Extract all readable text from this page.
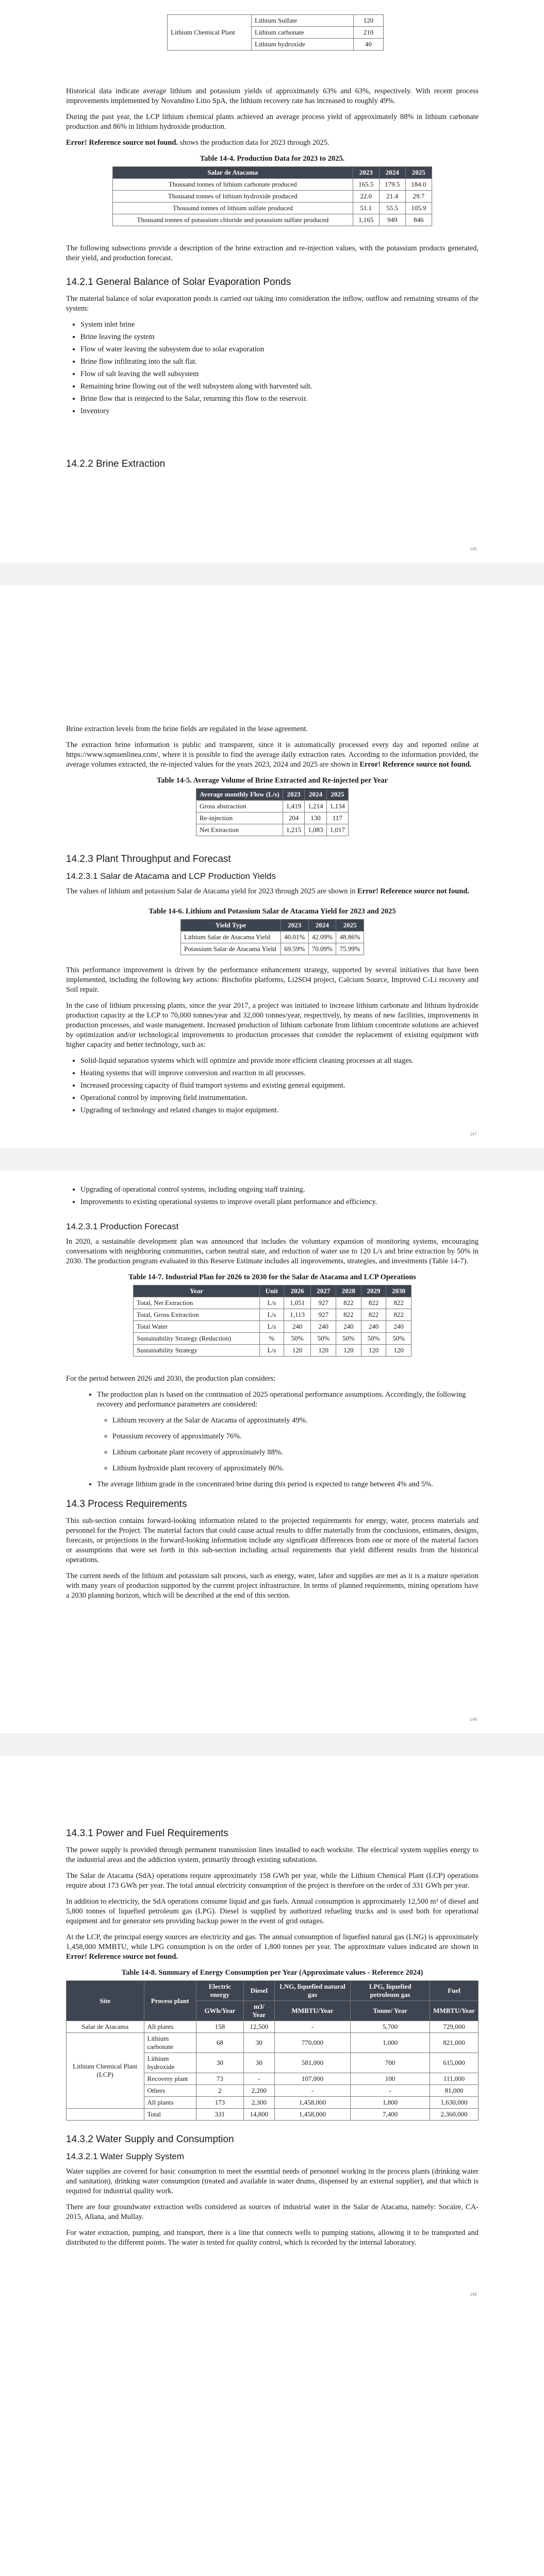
Lithium Chemical Plant	Lithium Sulfate	120
	Lithium carbonate	210
	Lithium hydroxide	40

Historical data indicate average lithium and potassium yields of approximately 63% and 63%, respectively. With recent process improvements implemented by Novandino Litio SpA, the lithium recovery rate has increased to roughly 49%.

During the past year, the LCP lithium chemical plants achieved an average process yield of approximately 88% in lithium carbonate production and 86% in lithium hydroxide production.

Error! Reference source not found. shows the production data for 2023 through 2025.

Table 14-4. Production Data for 2023 to 2025.
Salar de Atacama	2023	2024	2025
Thousand tonnes of lithium carbonate produced	165.5	179.5	184.0
Thousand tonnes of lithium hydroxide produced	22.0	21.4	29.7
Thousand tonnes of lithium sulfate produced	51.1	55.5	105.9
Thousand tonnes of potassium chloride and potassium sulfate produced	1,165	949	846

The following subsections provide a description of the brine extraction and re-injection values, with the potassium products generated, their yield, and production forecast.

14.2.1 General Balance of Solar Evaporation Ponds

The material balance of solar evaporation ponds is carried out taking into consideration the inflow, outflow and remaining streams of the system:

• System inlet brine
• Brine leaving the system
• Flow of water leaving the subsystem due to solar evaporation
• Brine flow infiltrating into the salt flat.
• Flow of salt leaving the well subsystem
• Remaining brine flowing out of the well subsystem along with harvested salt.
• Brine flow that is reinjected to the Salar, returning this flow to the reservoir.
• Inventory
14.2.2 Brine Extraction
146

Brine extraction levels from the brine fields are regulated in the lease agreement.

The extraction brine information is public and transparent, since it is automatically processed every day and reported online at https://www.sqmsenlinea.com/, where it is possible to find the average daily extraction rates. According to the information provided, the average volumes extracted, the re-injected values for the years 2023, 2024 and 2025 are shown in Error! Reference source not found.

Table 14-5. Average Volume of Brine Extracted and Re-injected per Year
Average monthly Flow (L/s)	2023	2024	2025
Gross abstraction	1,419	1,214	1,134
Re-injection	204	130	117
Net Extraction	1,215	1,083	1,017
14.2.3 Plant Throughput and Forecast
14.2.3.1 Salar de Atacama and LCP Production Yields

The values of lithium and potassium Salar de Atacama yield for 2023 through 2025 are shown in Error! Reference source not found.

Table 14-6. Lithium and Potassium Salar de Atacama Yield for 2023 and 2025
Yield Type	2023	2024	2025
Lithium Salar de Atacama Yield	40.01%	42.09%	48.86%
Potassium Salar de Atacama Yield	69.59%	70.09%	75.99%

This performance improvement is driven by the performance enhancement strategy, supported by several initiatives that have been implemented, including the following key actions: Bischofite platforms, Li2SO4 project, Calcium Source, Improved C-Li recovery and Soil repair.

In the case of lithium processing plants, since the year 2017, a project was initiated to increase lithium carbonate and lithium hydroxide production capacity at the LCP to 70,000 tonnes/year and 32,000 tonnes/year, respectively, by means of new facilities, improvements in production processes, and waste management. Increased production of lithium carbonate from lithium concentrate solutions are achieved by optimization and/or technological improvements to production processes that consider the replacement of existing equipment with higher capacity and better technology, such as:

• Solid-liquid separation systems which will optimize and provide more efficient cleaning processes at all stages.
• Heating systems that will improve conversion and reaction in all processes.
• Increased processing capacity of fluid transport systems and existing general equipment.
• Operational control by improving field instrumentation.
• Upgrading of technology and related changes to major equipment.
147
• Upgrading of operational control systems, including ongoing staff training.
• Improvements to existing operational systems to improve overall plant performance and efficiency.
14.2.3.1 Production Forecast

In 2020, a sustainable development plan was announced that includes the voluntary expansion of monitoring systems, encouraging conversations with neighboring communities, carbon neutral state, and reduction of water use to 120 L/s and brine extraction by 50% in 2030. The production program evaluated in this Reserve Estimate includes all improvements, strategies, and investments (Table 14-7).

Table 14-7. Industrial Plan for 2026 to 2030 for the Salar de Atacama and LCP Operations
Year	Unit	2026	2027	2028	2029	2030
Total, Net Extraction	L/s	1,051	927	822	822	822
Total, Gross Extraction	L/s	1,113	927	822	822	822
Total Water	L/s	240	240	240	240	240
Sustainability Strategy (Reduction)	%	50%	50%	50%	50%	50%
Sustainability Strategy	L/s	120	120	120	120	120

For the period between 2026 and 2030, the production plan considers:

• The production plan is based on the continuation of 2025 operational performance assumptions. Accordingly, the following recovery and performance parameters are considered:
◦ Lithium recovery at the Salar de Atacama of approximately 49%.
◦ Potassium recovery of approximately 76%.
◦ Lithium carbonate plant recovery of approximately 88%.
◦ Lithium hydroxide plant recovery of approximately 86%.
• The average lithium grade in the concentrated brine during this period is expected to range between 4% and 5%.
14.3 Process Requirements

This sub-section contains forward-looking information related to the projected requirements for energy, water, process materials and personnel for the Project. The material factors that could cause actual results to differ materially from the conclusions, estimates, designs, forecasts, or projections in the forward-looking information include any significant differences from one or more of the material factors or assumptions that were set forth in this sub-section including actual requirements that yield different results from the historical operations.

The current needs of the lithium and potassium salt process, such as energy, water, labor and supplies are met as it is a mature operation with many years of production supported by the current project infrastructure. In terms of planned requirements, mining operations have a 2030 planning horizon, which will be described at the end of this section.

148
14.3.1 Power and Fuel Requirements

The power supply is provided through permanent transmission lines installed to each worksite. The electrical system supplies energy to the industrial areas and the addiction system, primarily through existing substations.

The Salar de Atacama (SdA) operations require approximately 158 GWh per year, while the Lithium Chemical Plant (LCP) operations require about 173 GWh per year. The total annual electricity consumption of the project is therefore on the order of 331 GWh per year.

In addition to electricity, the SdA operations consume liquid and gas fuels. Annual consumption is approximately 12,500 m³ of diesel and 5,800 tonnes of liquefied petroleum gas (LPG). Diesel is supplied by authorized refueling trucks and is used both for operational equipment and for generator sets providing backup power in the event of grid outages.

At the LCP, the principal energy sources are electricity and gas. The annual consumption of liquefied natural gas (LNG) is approximately 1,458,000 MMBTU, while LPG consumption is on the order of 1,800 tonnes per year. The approximate values indicated are shown in Error! Reference source not found.

Table 14-8. Summary of Energy Consumption per Year (Approximate values - Reference 2024)
Site	Process plant	Electric energy	Diesel	LNG, liquefied natural gas	LPG, liquefied petroleum gas	Fuel
		GWh/Year	m3/ Year	MMBTU/Year	Tonne/ Year	MMBTU/Year
Salar de Atacama	All plants	158	12,500	-	5,700	729,000
Lithium Chemical Plant (LCP)	Lithium carbonate	68	30	770,000	1,000	821,000
	Lithium hydroxide	30	30	581,000	700	615,000
	Recovery plant	73	-	107,000	100	111,000
	Others	2	2,200	-	-	81,000
	All plants	173	2,300	1,458,000	1,800	1,630,000
	Total	331	14,800	1,458,000	7,400	2,360,000
14.3.2 Water Supply and Consumption
14.3.2.1 Water Supply System

Water supplies are covered for basic consumption to meet the essential needs of personnel working in the process plants (drinking water and sanitation), drinking water consumption (treated and available in water drums, dispensed by an external supplier), and that which is required for industrial quality work.

There are four groundwater extraction wells considered as sources of industrial water in the Salar de Atacama, namely: Socaire, CA-2015, Allana, and Mullay.

For water extraction, pumping, and transport, there is a line that connects wells to pumping stations, allowing it to be transported and distributed to the different points. The water is tested for quality control, which is recorded by the internal laboratory.

149
